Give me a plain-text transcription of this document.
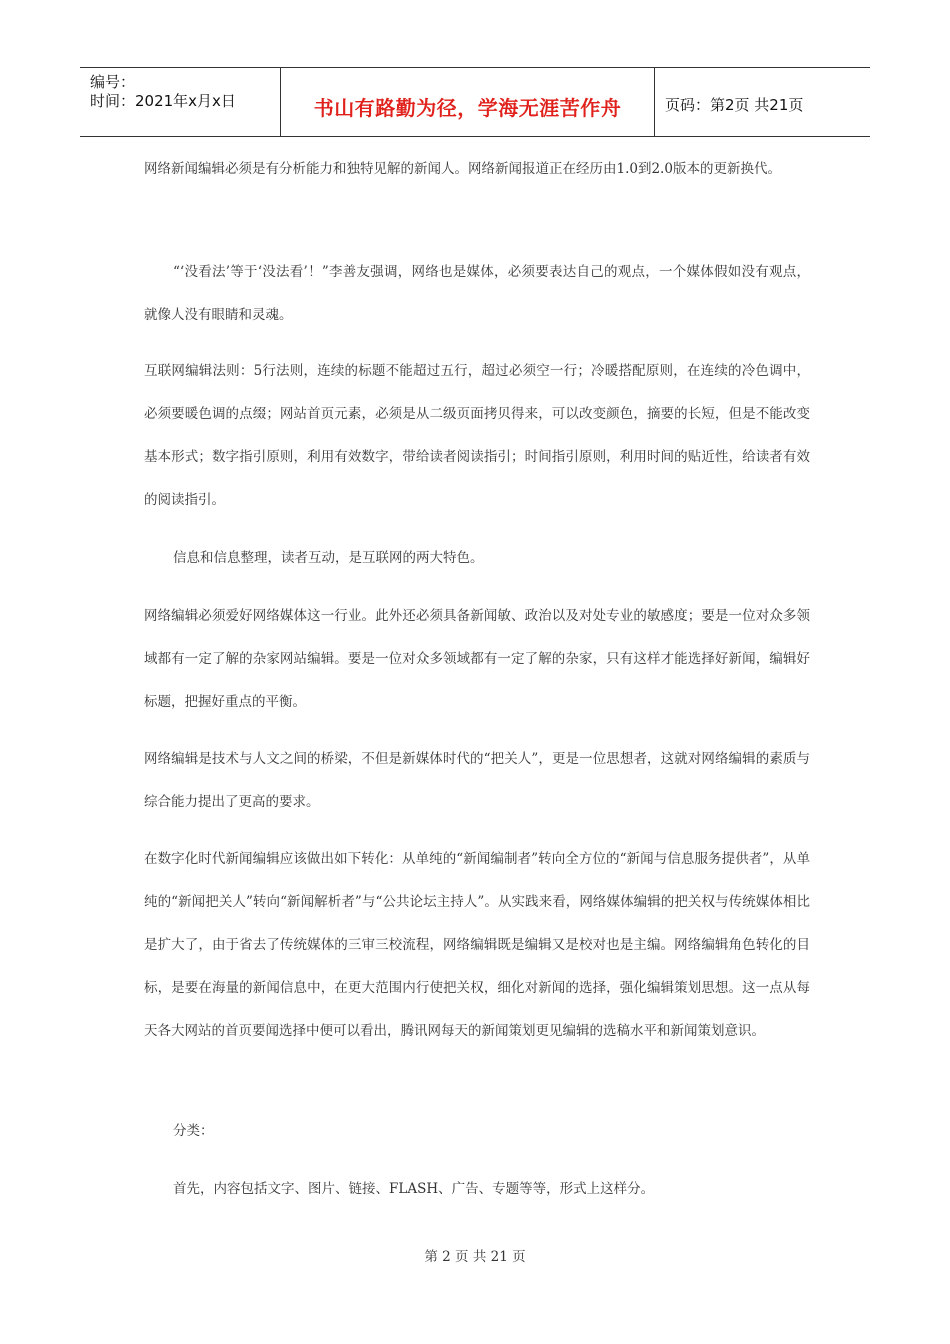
编号：
时间：2021年x月x日	书山有路勤为径，学海无涯苦作舟	页码：第2页 共21页

网络新闻编辑必须是有分析能力和独特见解的新闻人。网络新闻报道正在经历由1.0到2.0版本的更新换代。

“‘没看法’等于‘没法看’！”李善友强调，网络也是媒体，必须要表达自己的观点，一个媒体假如没有观点，就像人没有眼睛和灵魂。

互联网编辑法则：5行法则，连续的标题不能超过五行，超过必须空一行；冷暖搭配原则，在连续的冷色调中，必须要暖色调的点缀；网站首页元素，必须是从二级页面拷贝得来，可以改变颜色，摘要的长短，但是不能改变基本形式；数字指引原则，利用有效数字，带给读者阅读指引；时间指引原则，利用时间的贴近性，给读者有效的阅读指引。

信息和信息整理，读者互动，是互联网的两大特色。

网络编辑必须爱好网络媒体这一行业。此外还必须具备新闻敏、政治以及对处专业的敏感度；要是一位对众多领域都有一定了解的杂家网站编辑。要是一位对众多领域都有一定了解的杂家，只有这样才能选择好新闻，编辑好标题，把握好重点的平衡。

网络编辑是技术与人文之间的桥梁，不但是新媒体时代的“把关人”，更是一位思想者，这就对网络编辑的素质与综合能力提出了更高的要求。

在数字化时代新闻编辑应该做出如下转化：从单纯的“新闻编制者”转向全方位的“新闻与信息服务提供者”，从单纯的“新闻把关人”转向“新闻解析者”与“公共论坛主持人”。从实践来看，网络媒体编辑的把关权与传统媒体相比是扩大了，由于省去了传统媒体的三审三校流程，网络编辑既是编辑又是校对也是主编。网络编辑角色转化的目标，是要在海量的新闻信息中，在更大范围内行使把关权，细化对新闻的选择，强化编辑策划思想。这一点从每天各大网站的首页要闻选择中便可以看出，腾讯网每天的新闻策划更见编辑的选稿水平和新闻策划意识。

分类：

首先，内容包括文字、图片、链接、FLASH、广告、专题等等，形式上这样分。

第 2 页 共 21 页
